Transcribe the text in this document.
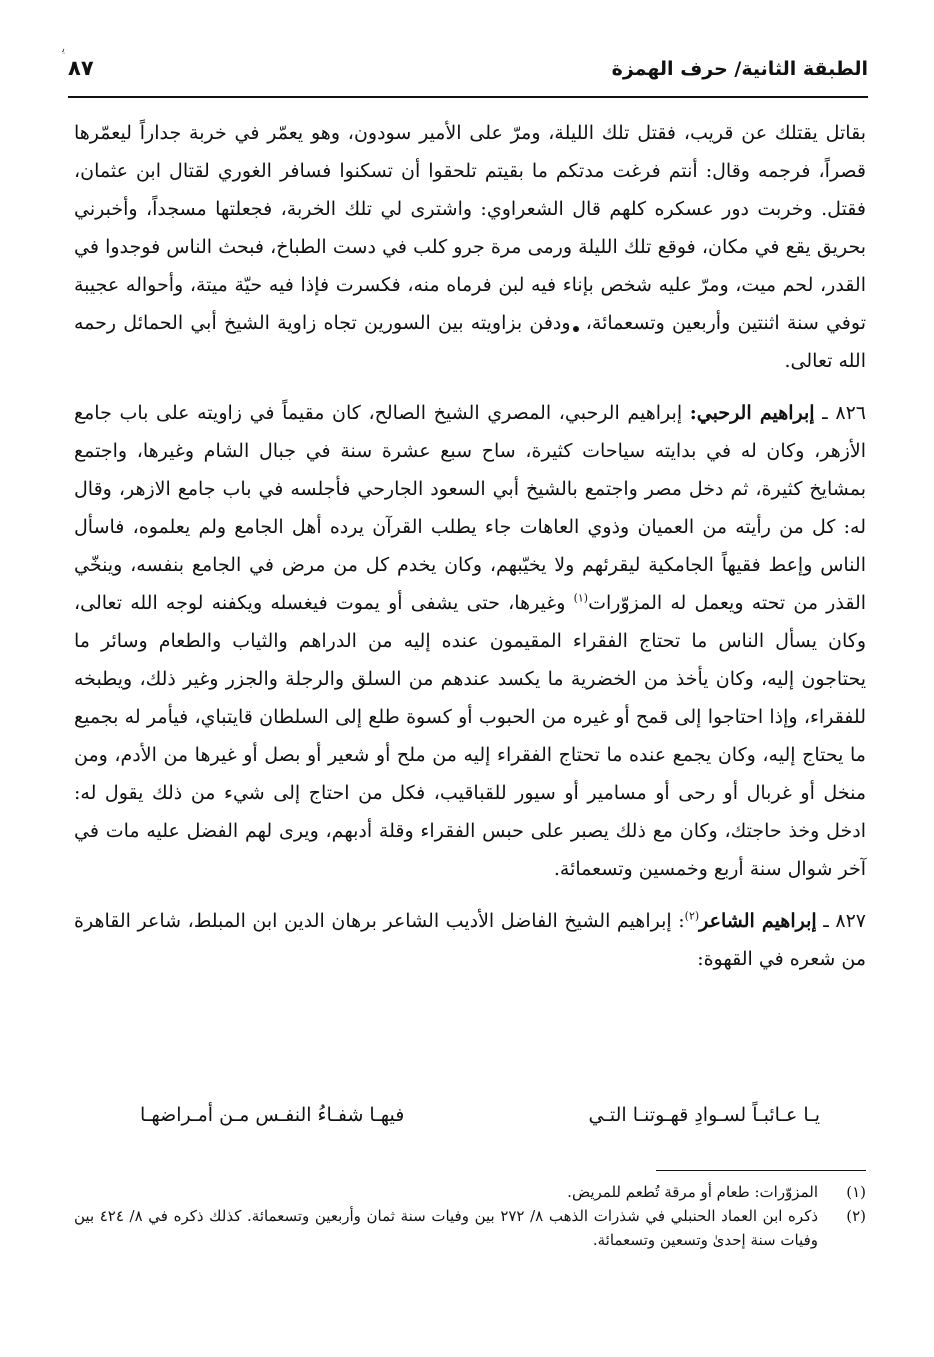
ﻳ
الطبقة الثانية/ حرف الهمزة
٨٧

بقاتل يقتلك عن قريب، فقتل تلك الليلة، ومرّ على الأمير سودون، وهو يعمّر في خربة جداراً ليعمّرها قصراً، فرجمه وقال: أنتم فرغت مدتكم ما بقيتم تلحقوا أن تسكنوا فسافر الغوري لقتال ابن عثمان، فقتل. وخربت دور عسكره كلهم قال الشعراوي: واشترى لي تلك الخربة، فجعلتها مسجداً، وأخبرني بحريق يقع في مكان، فوقع تلك الليلة ورمى مرة جرو كلب في دست الطباخ، فبحث الناس فوجدوا في القدر، لحم ميت، ومرّ عليه شخص بإناء فيه لبن فرماه منه، فكسرت فإذا فيه حيّة ميتة، وأحواله عجيبة توفي سنة اثنتين وأربعين وتسعمائة، ودفن بزاويته بين السورين تجاه زاوية الشيخ أبي الحمائل رحمه الله تعالى.

٨٢٦ ـ إبراهيم الرحبي: إبراهيم الرحبي، المصري الشيخ الصالح، كان مقيماً في زاويته على باب جامع الأزهر، وكان له في بدايته سياحات كثيرة، ساح سبع عشرة سنة في جبال الشام وغيرها، واجتمع بمشايخ كثيرة، ثم دخل مصر واجتمع بالشيخ أبي السعود الجارحي فأجلسه في باب جامع الازهر، وقال له: كل من رأيته من العميان وذوي العاهات جاء يطلب القرآن يرده أهل الجامع ولم يعلموه، فاسأل الناس وإعط فقيهاً الجامكية ليقرئهم ولا يخيّبهم، وكان يخدم كل من مرض في الجامع بنفسه، وينخّي القذر من تحته ويعمل له المزوّرات$^{(١)}$ وغيرها، حتى يشفى أو يموت فيغسله ويكفنه لوجه الله تعالى، وكان يسأل الناس ما تحتاج الفقراء المقيمون عنده إليه من الدراهم والثياب والطعام وسائر ما يحتاجون إليه، وكان يأخذ من الخضرية ما يكسد عندهم من السلق والرجلة والجزر وغير ذلك، ويطبخه للفقراء، وإذا احتاجوا إلى قمح أو غيره من الحبوب أو كسوة طلع إلى السلطان قايتباي، فيأمر له بجميع ما يحتاج إليه، وكان يجمع عنده ما تحتاج الفقراء إليه من ملح أو شعير أو بصل أو غيرها من الأدم، ومن منخل أو غربال أو رحى أو مسامير أو سيور للقباقيب، فكل من احتاج إلى شيء من ذلك يقول له: ادخل وخذ حاجتك، وكان مع ذلك يصبر على حبس الفقراء وقلة أدبهم، ويرى لهم الفضل عليه مات في آخر شوال سنة أربع وخمسين وتسعمائة.

٨٢٧ ـ إبراهيم الشاعر$^{(٢)}$: إبراهيم الشيخ الفاضل الأديب الشاعر برهان الدين ابن المبلط، شاعر القاهرة من شعره في القهوة:

يـا عـائبـاً لسـوادِ قهـوتنـا التـي
فيهـا شفـاءُ النفـس مـن أمـراضهـا
(١)
المزوّرات: طعام أو مرقة تُطعم للمريض.
(٢)
ذكره ابن العماد الحنبلي في شذرات الذهب ٨/ ٢٧٢ بين وفيات سنة ثمان وأربعين وتسعمائة. كذلك ذكره في ٨/ ٤٢٤ بين وفيات سنة إحدىٰ وتسعين وتسعمائة.
